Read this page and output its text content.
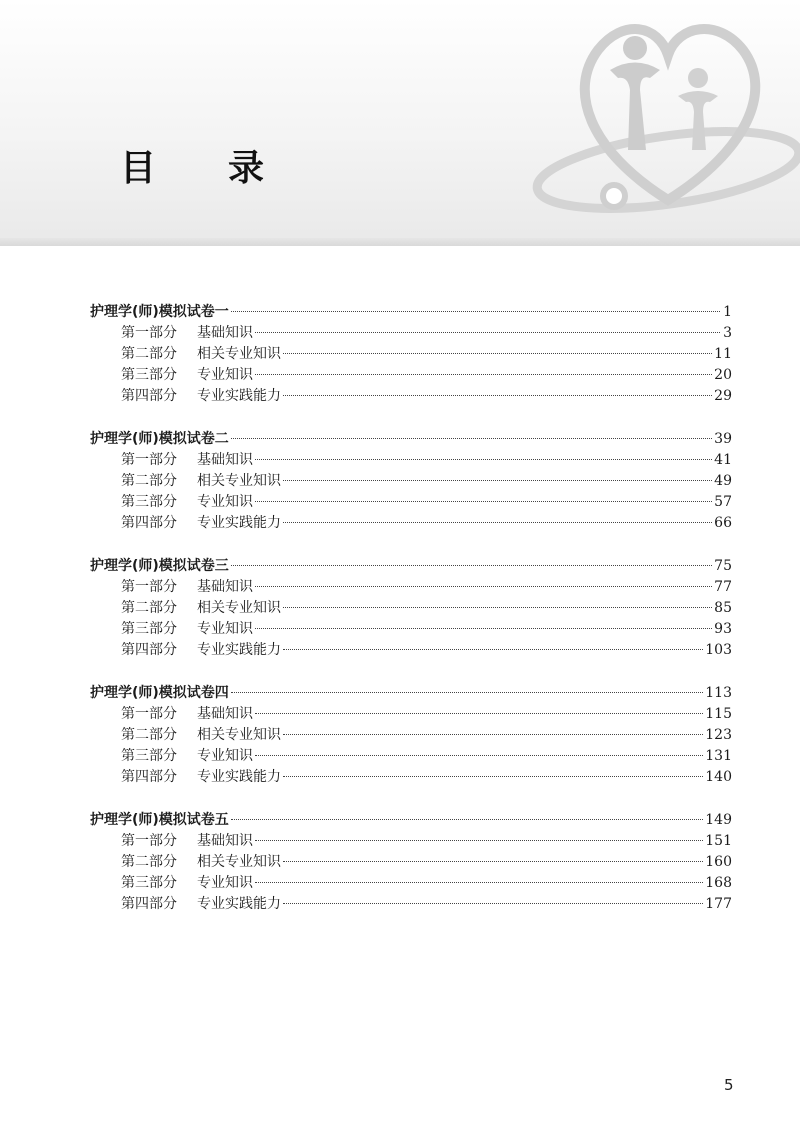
目 录
护理学(师)模拟试卷一	1
第一部分 基础知识	3
第二部分 相关专业知识	11
第三部分 专业知识	20
第四部分 专业实践能力	29
护理学(师)模拟试卷二	39
第一部分 基础知识	41
第二部分 相关专业知识	49
第三部分 专业知识	57
第四部分 专业实践能力	66
护理学(师)模拟试卷三	75
第一部分 基础知识	77
第二部分 相关专业知识	85
第三部分 专业知识	93
第四部分 专业实践能力	103
护理学(师)模拟试卷四	113
第一部分 基础知识	115
第二部分 相关专业知识	123
第三部分 专业知识	131
第四部分 专业实践能力	140
护理学(师)模拟试卷五	149
第一部分 基础知识	151
第二部分 相关专业知识	160
第三部分 专业知识	168
第四部分 专业实践能力	177
5
